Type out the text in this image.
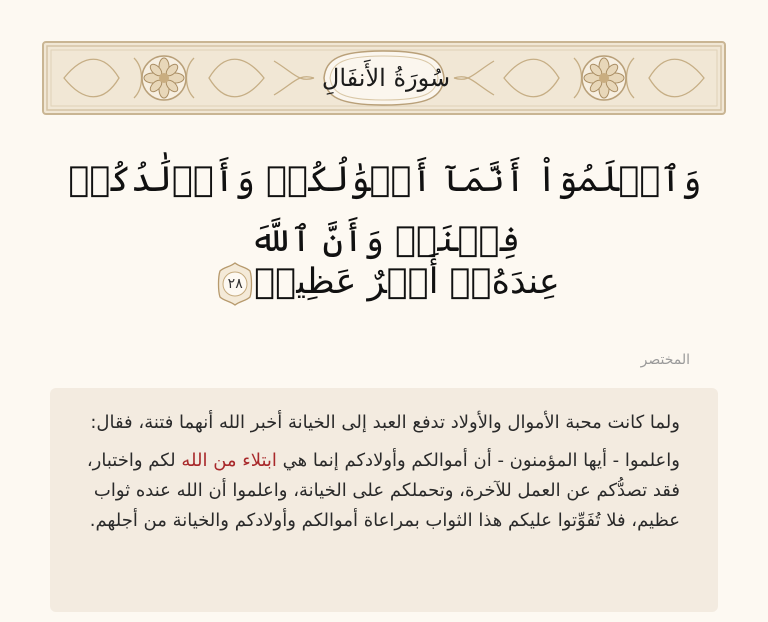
سُورَةُ الأَنفَالِ
وَٱعۡلَمُوٓاْ أَنَّمَآ أَمۡوَٰلُكُمۡ وَأَوۡلَٰدُكُمۡ فِتۡنَةٞ وَأَنَّ ٱللَّهَ
عِندَهُۥٓ أَجۡرٌ عَظِيمٞ
٢٨
المختصر

ولما كانت محبة الأموال والأولاد تدفع العبد إلى الخيانة أخبر الله أنهما فتنة، فقال:

واعلموا - أيها المؤمنون - أن أموالكم وأولادكم إنما هي ابتلاء من الله لكم واختبار، فقد تصدُّكم عن العمل للآخرة، وتحملكم على الخيانة، واعلموا أن الله عنده ثواب عظيم، فلا تُفَوِّتوا عليكم هذا الثواب بمراعاة أموالكم وأولادكم والخيانة من أجلهم.
